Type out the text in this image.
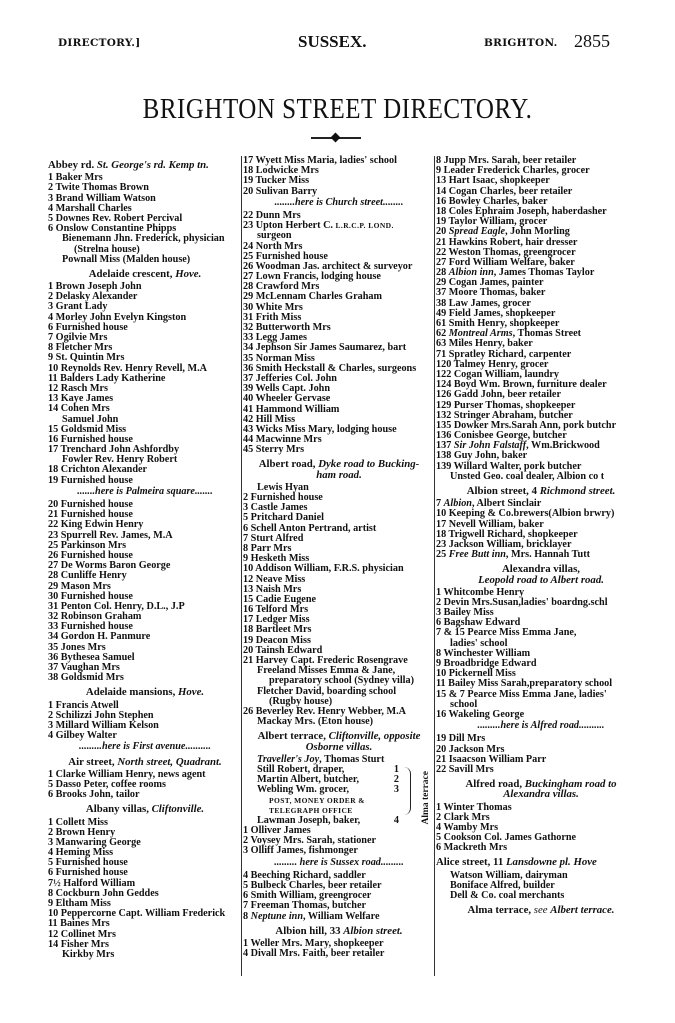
DIRECTORY.]	SUSSEX.	BRIGHTON. 2855
BRIGHTON STREET DIRECTORY.
Abbey rd. St. George's rd. Kemp tn.
1 Baker Mrs
2 Twite Thomas Brown
3 Brand William Watson
4 Marshall Charles
5 Downes Rev. Robert Percival
6 Onslow Constantine Phipps
Bienemann Jhn. Frederick, physician
(Strelna house)
Pownall Miss (Malden house)
Adelaide crescent, Hove.
1 Brown Joseph John
2 Delasky Alexander
3 Grant Lady
4 Morley John Evelyn Kingston
6 Furnished house
7 Ogilvie Mrs
8 Fletcher Mrs
9 St. Quintin Mrs
10 Reynolds Rev. Henry Revell, M.A
11 Balders Lady Katherine
12 Rasch Mrs
13 Kaye James
14 Cohen Mrs
Samuel John
15 Goldsmid Miss
16 Furnished house
17 Trenchard John Ashfordby
Fowler Rev. Henry Robert
18 Crichton Alexander
19 Furnished house
.......here is Palmeira square.......
20 Furnished house
21 Furnished house
22 King Edwin Henry
23 Spurrell Rev. James, M.A
25 Parkinson Mrs
26 Furnished house
27 De Worms Baron George
28 Cunliffe Henry
29 Mason Mrs
30 Furnished house
31 Penton Col. Henry, D.L., J.P
32 Robinson Graham
33 Furnished house
34 Gordon H. Panmure
35 Jones Mrs
36 Bythesea Samuel
37 Vaughan Mrs
38 Goldsmid Mrs
Adelaide mansions, Hove.
1 Francis Atwell
2 Schilizzi John Stephen
3 Millard William Kelson
4 Gilbey Walter
.........here is First avenue..........
Air street, North street, Quadrant.
1 Clarke William Henry, news agent
5 Dasso Peter, coffee rooms
6 Brooks John, tailor
Albany villas, Cliftonville.
1 Collett Miss
2 Brown Henry
3 Manwaring George
4 Heming Miss
5 Furnished house
6 Furnished house
7½ Halford William
8 Cockburn John Geddes
9 Eltham Miss
10 Peppercorne Capt. William Frederick
11 Baines Mrs
12 Collinet Mrs
14 Fisher Mrs
Kirkby Mrs
17 Wyett Miss Maria, ladies' school
18 Lodwicke Mrs
19 Tucker Miss
20 Sulivan Barry
........here is Church street........
22 Dunn Mrs
23 Upton Herbert C. L.R.C.P. LOND.
surgeon
24 North Mrs
25 Furnished house
26 Woodman Jas. architect & surveyor
27 Lown Francis, lodging house
28 Crawford Mrs
29 McLennam Charles Graham
30 White Mrs
31 Frith Miss
32 Butterworth Mrs
33 Legg James
34 Jephson Sir James Saumarez, bart
35 Norman Miss
36 Smith Heckstall & Charles, surgeons
37 Jefferies Col. John
39 Wells Capt. John
40 Wheeler Gervase
41 Hammond William
42 Hill Miss
43 Wicks Miss Mary, lodging house
44 Macwinne Mrs
45 Sterry Mrs
Albert road, Dyke road to Bucking-
ham road.
Lewis Hyan
2 Furnished house
3 Castle James
5 Pritchard Daniel
6 Schell Anton Pertrand, artist
7 Sturt Alfred
8 Parr Mrs
9 Hesketh Miss
10 Addison William, F.R.S. physician
12 Neave Miss
13 Naish Mrs
15 Cadie Eugene
16 Telford Mrs
17 Ledger Miss
18 Bartleet Mrs
19 Deacon Miss
20 Tainsh Edward
21 Harvey Capt. Frederic Rosengrave
Freeland Misses Emma & Jane,
preparatory school (Sydney villa)
Fletcher David, boarding school
(Rugby house)
26 Beverley Rev. Henry Webber, M.A
Mackay Mrs. (Eton house)
Albert terrace, Cliftonville, opposite
Osborne villas.
Traveller's Joy, Thomas Sturt
Still Robert, draper,	1
Martin Albert, butcher,	2
Webling Wm. grocer,	3
POST, MONEY ORDER &
TELEGRAPH OFFICE
Lawman Joseph, baker,	4 Alma terrace
1 Olliver James
2 Voysey Mrs. Sarah, stationer
3 Olliff James, fishmonger
......... here is Sussex road.........
4 Beeching Richard, saddler
5 Bulbeck Charles, beer retailer
6 Smith William, greengrocer
7 Freeman Thomas, butcher
8 Neptune inn, William Welfare
Albion hill, 33 Albion street.
1 Weller Mrs. Mary, shopkeeper
4 Divall Mrs. Faith, beer retailer
8 Jupp Mrs. Sarah, beer retailer
9 Leader Frederick Charles, grocer
13 Hart Isaac, shopkeeper
14 Cogan Charles, beer retailer
16 Bowley Charles, baker
18 Coles Ephraim Joseph, haberdasher
19 Taylor William, grocer
20 Spread Eagle, John Morling
21 Hawkins Robert, hair dresser
22 Weston Thomas, greengrocer
27 Ford William Welfare, baker
28 Albion inn, James Thomas Taylor
29 Cogan James, painter
37 Moore Thomas, baker
38 Law James, grocer
49 Field James, shopkeeper
61 Smith Henry, shopkeeper
62 Montreal Arms, Thomas Street
63 Miles Henry, baker
71 Spratley Richard, carpenter
120 Talmey Henry, grocer
122 Cogan William, laundry
124 Boyd Wm. Brown, furniture dealer
126 Gadd John, beer retailer
129 Purser Thomas, shopkeeper
132 Stringer Abraham, butcher
135 Dowker Mrs.Sarah Ann, pork butchr
136 Conisbee George, butcher
137 Sir John Falstaff, Wm.Brickwood
138 Guy John, baker
139 Willard Walter, pork butcher
Unsted Geo. coal dealer, Albion co t
Albion street, 4 Richmond street.
7 Albion, Albert Sinclair
10 Keeping & Co.brewers(Albion brwry)
17 Nevell William, baker
18 Trigwell Richard, shopkeeper
23 Jackson William, bricklayer
25 Free Butt inn, Mrs. Hannah Tutt
Alexandra villas,
Leopold road to Albert road.
1 Whitcombe Henry
2 Devin Mrs.Susan,ladies' boardng.schl
3 Bailey Miss
6 Bagshaw Edward
7 & 15 Pearce Miss Emma Jane,
ladies' school
8 Winchester William
9 Broadbridge Edward
10 Pickernell Miss
11 Bailey Miss Sarah,preparatory school
15 & 7 Pearce Miss Emma Jane, ladies'
school
16 Wakeling George
.........here is Alfred road..........
19 Dill Mrs
20 Jackson Mrs
21 Isaacson William Parr
22 Savill Mrs
Alfred road, Buckingham road to
Alexandra villas.
1 Winter Thomas
2 Clark Mrs
4 Wamby Mrs
5 Cookson Col. James Gathorne
6 Mackreth Mrs
Alice street, 11 Lansdowne pl. Hove
Watson William, dairyman
Boniface Alfred, builder
Dell & Co. coal merchants
Alma terrace, see Albert terrace.
